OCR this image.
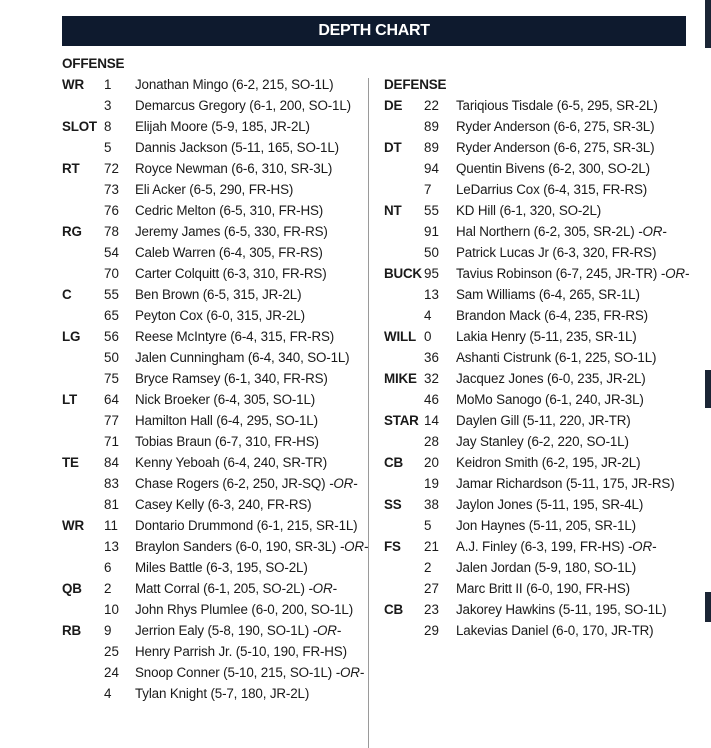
DEPTH CHART
OFFENSE
WR 1 Jonathan Mingo (6-2, 215, SO-1L)
3 Demarcus Gregory (6-1, 200, SO-1L)
SLOT 8 Elijah Moore (5-9, 185, JR-2L)
5 Dannis Jackson (5-11, 165, SO-1L)
RT 72 Royce Newman (6-6, 310, SR-3L)
73 Eli Acker (6-5, 290, FR-HS)
76 Cedric Melton (6-5, 310, FR-HS)
RG 78 Jeremy James (6-5, 330, FR-RS)
54 Caleb Warren (6-4, 305, FR-RS)
70 Carter Colquitt (6-3, 310, FR-RS)
C 55 Ben Brown (6-5, 315, JR-2L)
65 Peyton Cox (6-0, 315, JR-2L)
LG 56 Reese McIntyre (6-4, 315, FR-RS)
50 Jalen Cunningham (6-4, 340, SO-1L)
75 Bryce Ramsey (6-1, 340, FR-RS)
LT 64 Nick Broeker (6-4, 305, SO-1L)
77 Hamilton Hall (6-4, 295, SO-1L)
71 Tobias Braun (6-7, 310, FR-HS)
TE 84 Kenny Yeboah (6-4, 240, SR-TR)
83 Chase Rogers (6-2, 250, JR-SQ) -OR-
81 Casey Kelly (6-3, 240, FR-RS)
WR 11 Dontario Drummond (6-1, 215, SR-1L)
13 Braylon Sanders (6-0, 190, SR-3L) -OR-
6 Miles Battle (6-3, 195, SO-2L)
QB 2 Matt Corral (6-1, 205, SO-2L) -OR-
10 John Rhys Plumlee (6-0, 200, SO-1L)
RB 9 Jerrion Ealy (5-8, 190, SO-1L) -OR-
25 Henry Parrish Jr. (5-10, 190, FR-HS)
24 Snoop Conner (5-10, 215, SO-1L) -OR-
4 Tylan Knight (5-7, 180, JR-2L)
DEFENSE
DE 22 Tariqious Tisdale (6-5, 295, SR-2L)
89 Ryder Anderson (6-6, 275, SR-3L)
DT 89 Ryder Anderson (6-6, 275, SR-3L)
94 Quentin Bivens (6-2, 300, SO-2L)
7 LeDarrius Cox (6-4, 315, FR-RS)
NT 55 KD Hill (6-1, 320, SO-2L)
91 Hal Northern (6-2, 305, SR-2L) -OR-
50 Patrick Lucas Jr (6-3, 320, FR-RS)
BUCK 95 Tavius Robinson (6-7, 245, JR-TR) -OR-
13 Sam Williams (6-4, 265, SR-1L)
4 Brandon Mack (6-4, 235, FR-RS)
WILL 0 Lakia Henry (5-11, 235, SR-1L)
36 Ashanti Cistrunk (6-1, 225, SO-1L)
MIKE 32 Jacquez Jones (6-0, 235, JR-2L)
46 MoMo Sanogo (6-1, 240, JR-3L)
STAR 14 Daylen Gill (5-11, 220, JR-TR)
28 Jay Stanley (6-2, 220, SO-1L)
CB 20 Keidron Smith (6-2, 195, JR-2L)
19 Jamar Richardson (5-11, 175, JR-RS)
SS 38 Jaylon Jones (5-11, 195, SR-4L)
5 Jon Haynes (5-11, 205, SR-1L)
FS 21 A.J. Finley (6-3, 199, FR-HS) -OR-
2 Jalen Jordan (5-9, 180, SO-1L)
27 Marc Britt II (6-0, 190, FR-HS)
CB 23 Jakorey Hawkins (5-11, 195, SO-1L)
29 Lakevias Daniel (6-0, 170, JR-TR)
